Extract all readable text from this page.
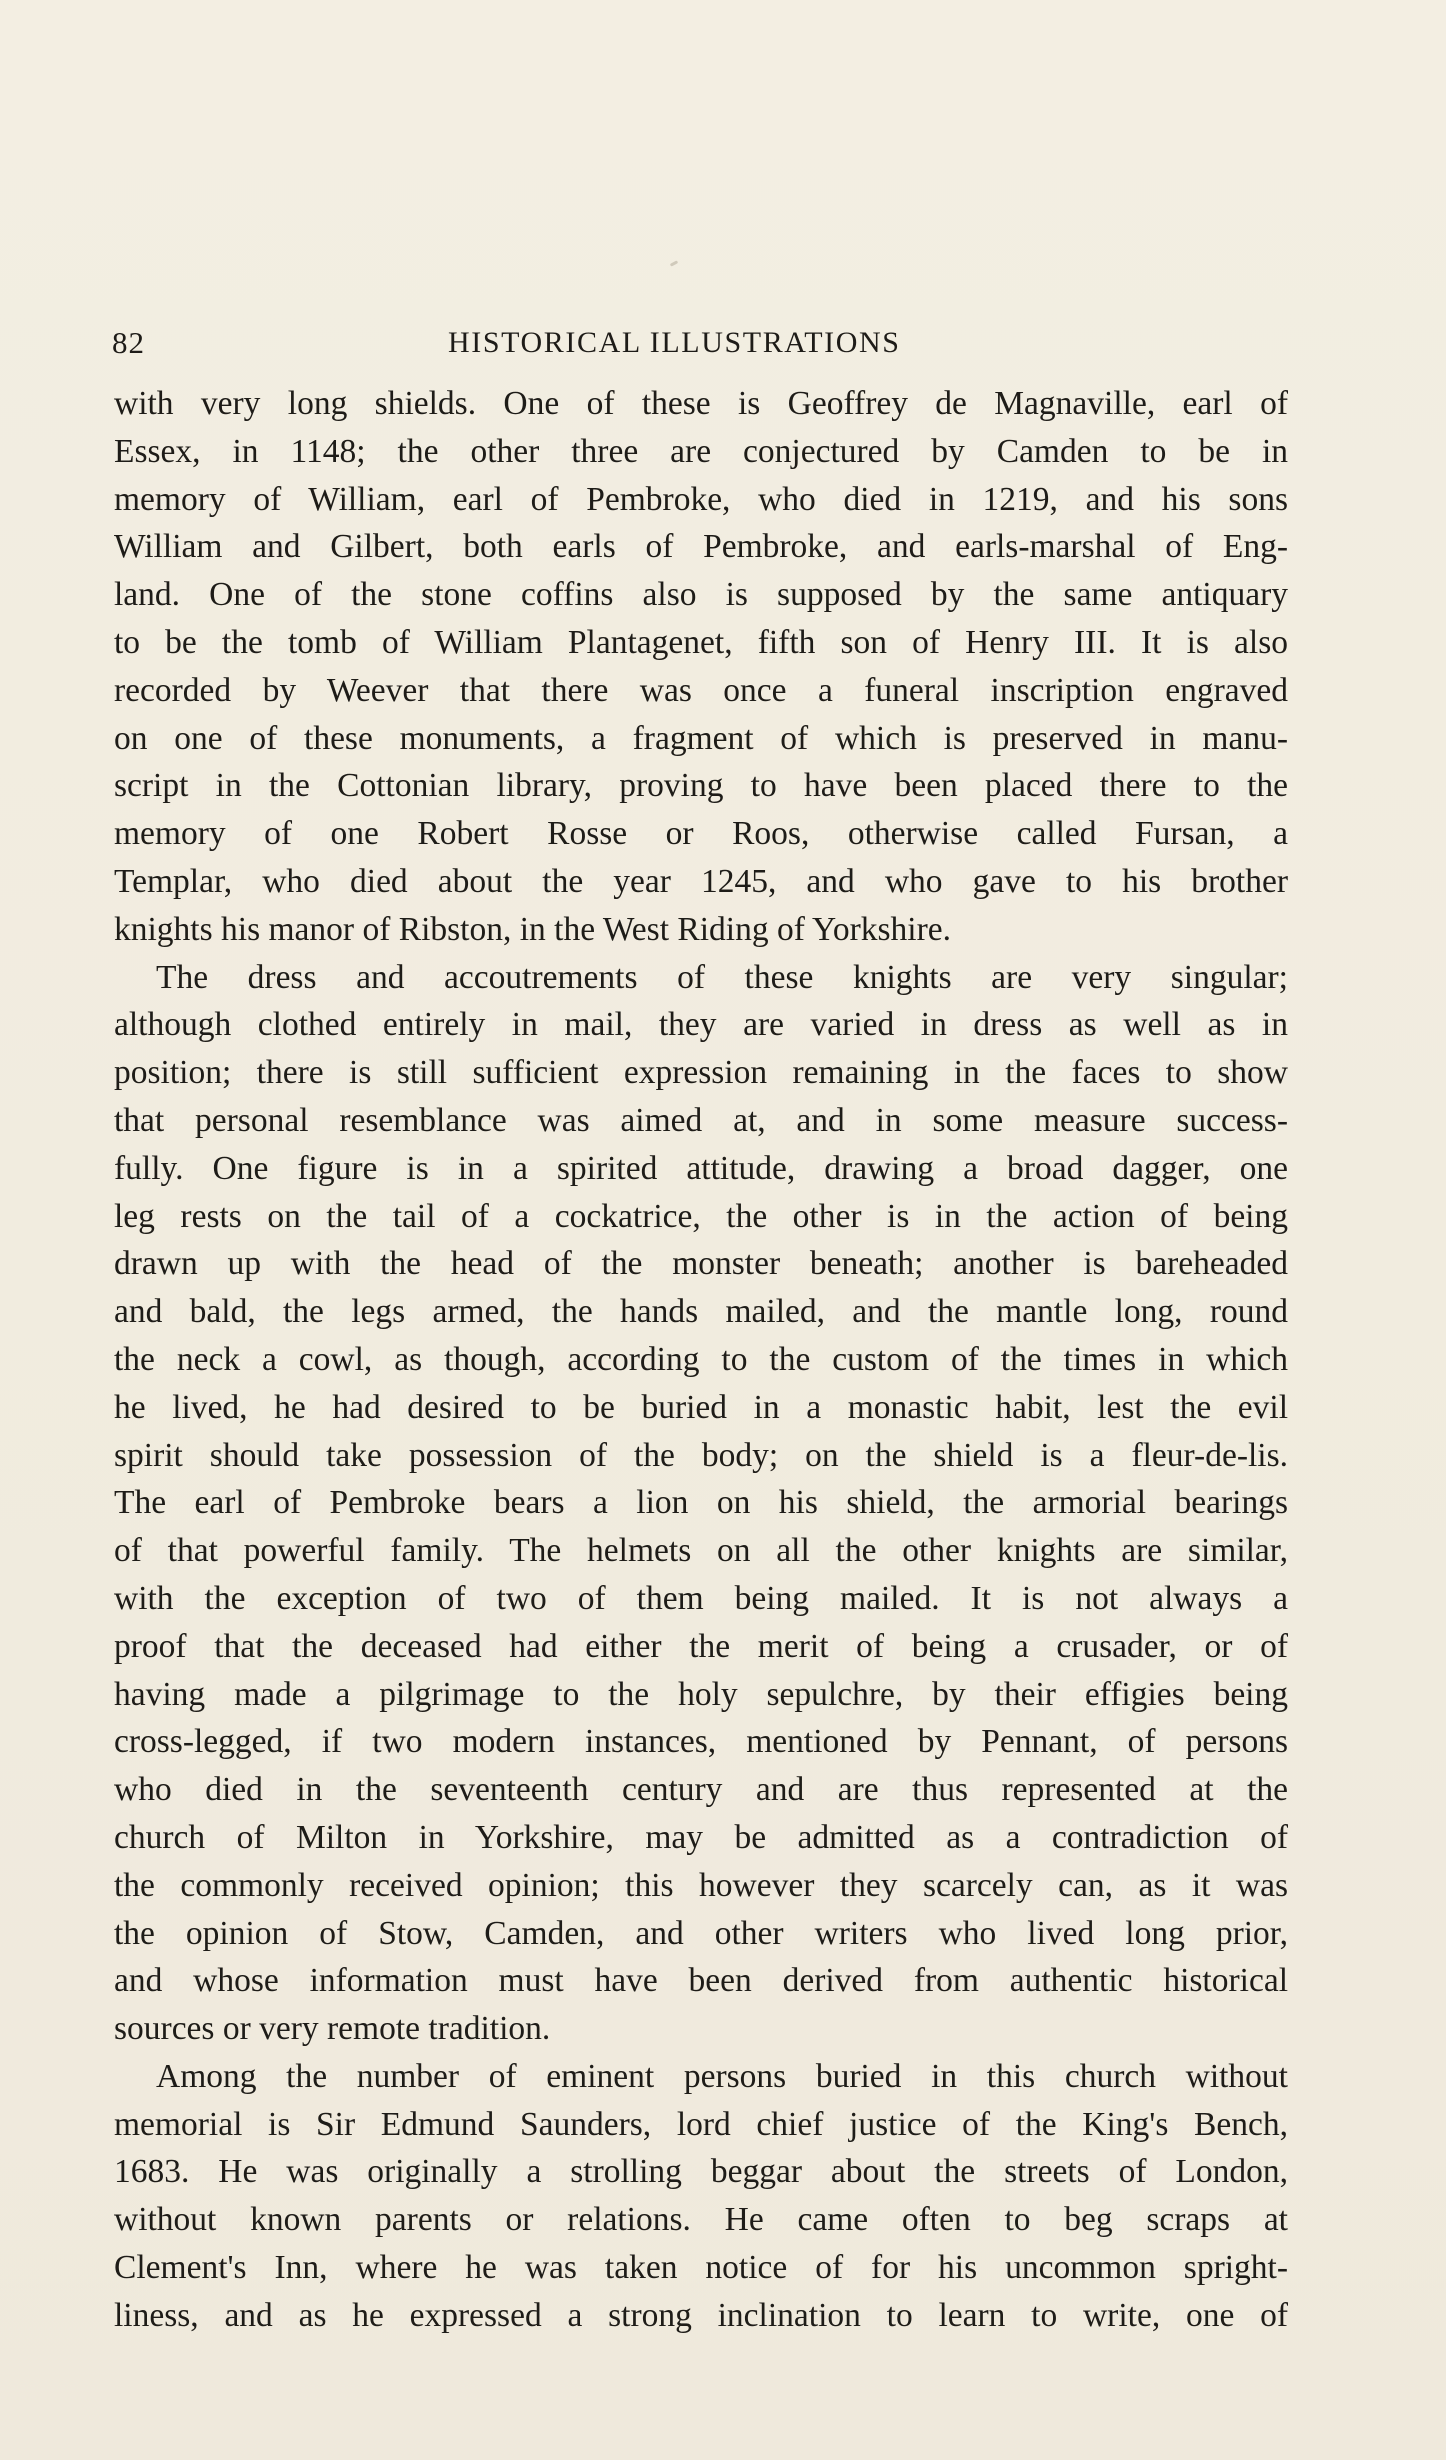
82	HISTORICAL ILLUSTRATIONS
with very long shields. One of these is Geoffrey de Magnaville, earl of
Essex, in 1148; the other three are conjectured by Camden to be in
memory of William, earl of Pembroke, who died in 1219, and his sons
William and Gilbert, both earls of Pembroke, and earls-marshal of Eng-
land. One of the stone coffins also is supposed by the same antiquary
to be the tomb of William Plantagenet, fifth son of Henry III. It is also
recorded by Weever that there was once a funeral inscription engraved
on one of these monuments, a fragment of which is preserved in manu-
script in the Cottonian library, proving to have been placed there to the
memory of one Robert Rosse or Roos, otherwise called Fursan, a
Templar, who died about the year 1245, and who gave to his brother
knights his manor of Ribston, in the West Riding of Yorkshire.
The dress and accoutrements of these knights are very singular;
although clothed entirely in mail, they are varied in dress as well as in
position; there is still sufficient expression remaining in the faces to show
that personal resemblance was aimed at, and in some measure success-
fully. One figure is in a spirited attitude, drawing a broad dagger, one
leg rests on the tail of a cockatrice, the other is in the action of being
drawn up with the head of the monster beneath; another is bareheaded
and bald, the legs armed, the hands mailed, and the mantle long, round
the neck a cowl, as though, according to the custom of the times in which
he lived, he had desired to be buried in a monastic habit, lest the evil
spirit should take possession of the body; on the shield is a fleur-de-lis.
The earl of Pembroke bears a lion on his shield, the armorial bearings
of that powerful family. The helmets on all the other knights are similar,
with the exception of two of them being mailed. It is not always a
proof that the deceased had either the merit of being a crusader, or of
having made a pilgrimage to the holy sepulchre, by their effigies being
cross-legged, if two modern instances, mentioned by Pennant, of persons
who died in the seventeenth century and are thus represented at the
church of Milton in Yorkshire, may be admitted as a contradiction of
the commonly received opinion; this however they scarcely can, as it was
the opinion of Stow, Camden, and other writers who lived long prior,
and whose information must have been derived from authentic historical
sources or very remote tradition.
Among the number of eminent persons buried in this church without
memorial is Sir Edmund Saunders, lord chief justice of the King's Bench,
1683. He was originally a strolling beggar about the streets of London,
without known parents or relations. He came often to beg scraps at
Clement's Inn, where he was taken notice of for his uncommon spright-
liness, and as he expressed a strong inclination to learn to write, one of
